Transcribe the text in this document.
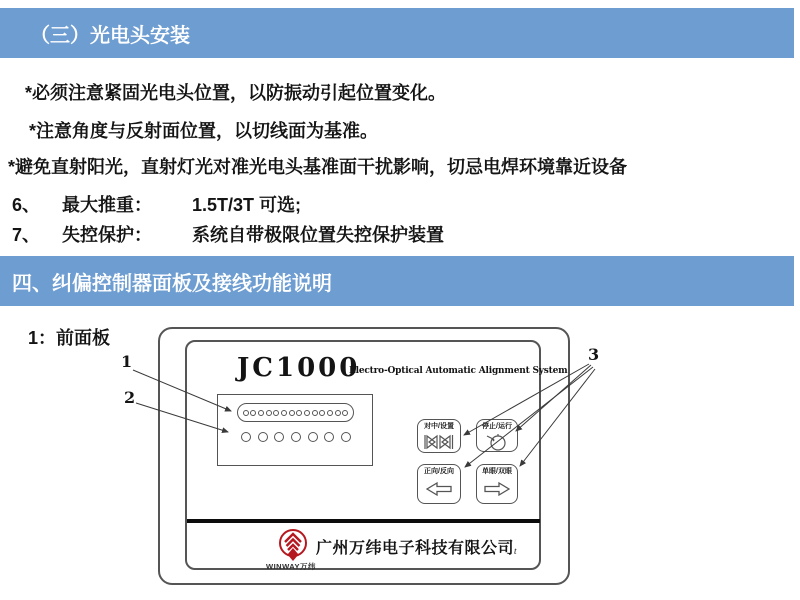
（三）光电头安装
*必须注意紧固光电头位置，以防振动引起位置变化。
*注意角度与反射面位置，以切线面为基准。
*避免直射阳光，直射灯光对准光电头基准面干扰影响，切忌电焊环境靠近设备
6、 最大推重： 1.5T/3T 可选;
7、 失控保护： 系统自带极限位置失控保护装置
四、纠偏控制器面板及接线功能说明
1：前面板
JC1000
Electro-Optical Automatic Alignment System
对中/设置	停止/运行
正向/反向	单眼/双眼
1
2
3
WINWAY万纬
广州万纬电子科技有限公司 t
